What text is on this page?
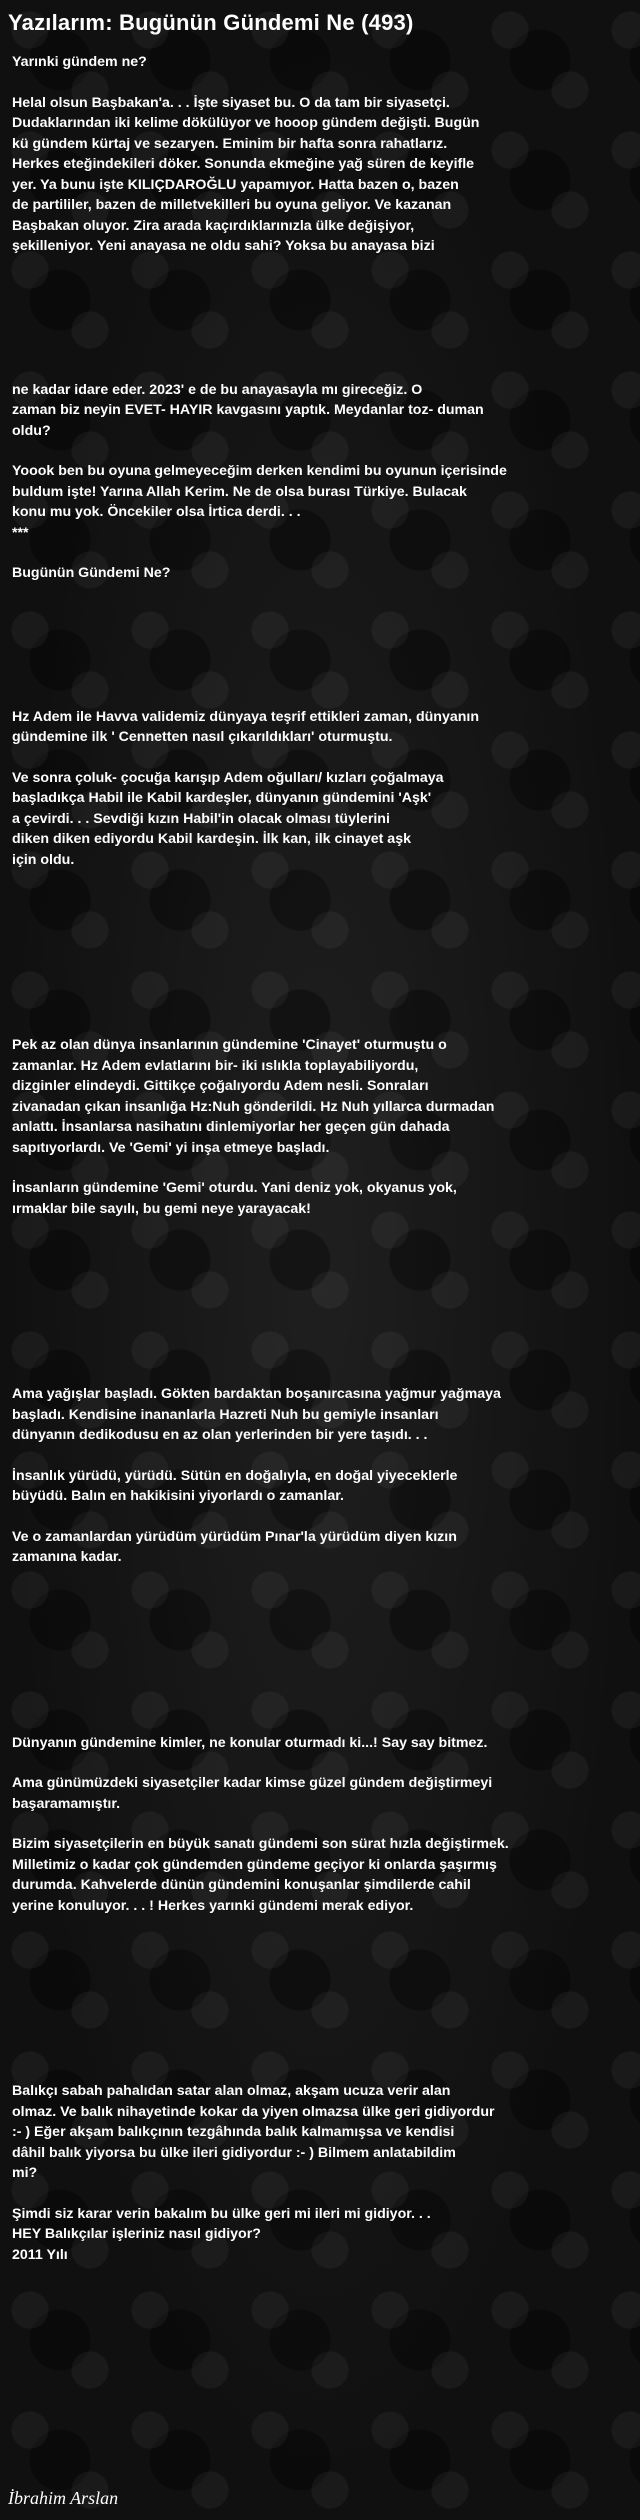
Yazılarım: Bugünün Gündemi Ne (493)

Yarınki gündem ne?

Helal olsun Başbakan'a. . . İşte siyaset bu. O da tam bir siyasetçi.
Dudaklarından iki kelime dökülüyor ve hooop gündem değişti. Bugün
kü gündem kürtaj ve sezaryen. Eminim bir hafta sonra rahatlarız.
Herkes eteğindekileri döker. Sonunda ekmeğine yağ süren de keyifle
yer. Ya bunu işte KILIÇDAROĞLU yapamıyor. Hatta bazen o, bazen
de partililer, bazen de milletvekilleri bu oyuna geliyor. Ve kazanan
Başbakan oluyor. Zira arada kaçırdıklarınızla ülke değişiyor,
şekilleniyor. Yeni anayasa ne oldu sahi? Yoksa bu anayasa bizi

ne kadar idare eder. 2023' e de bu anayasayla mı gireceğiz. O
zaman biz neyin EVET- HAYIR kavgasını yaptık. Meydanlar toz- duman
oldu?

Yoook ben bu oyuna gelmeyeceğim derken kendimi bu oyunun içerisinde
buldum işte! Yarına Allah Kerim. Ne de olsa burası Türkiye. Bulacak
konu mu yok. Öncekiler olsa İrtica derdi. . .
***

Bugünün Gündemi Ne?

Hz Adem ile Havva validemiz dünyaya teşrif ettikleri zaman, dünyanın
gündemine ilk ' Cennetten nasıl çıkarıldıkları' oturmuştu.

Ve sonra çoluk- çocuğa karışıp Adem oğulları/ kızları çoğalmaya
başladıkça Habil ile Kabil kardeşler, dünyanın gündemini 'Aşk'
a çevirdi. . . Sevdiği kızın Habil'in olacak olması tüylerini
diken diken ediyordu Kabil kardeşin. İlk kan, ilk cinayet aşk
için oldu.

Pek az olan dünya insanlarının gündemine 'Cinayet' oturmuştu o
zamanlar. Hz Adem evlatlarını bir- iki ıslıkla toplayabiliyordu,
dizginler elindeydi. Gittikçe çoğalıyordu Adem nesli. Sonraları
zivanadan çıkan insanlığa Hz:Nuh gönderildi. Hz Nuh yıllarca durmadan
anlattı. İnsanlarsa nasihatını dinlemiyorlar her geçen gün dahada
sapıtıyorlardı. Ve 'Gemi' yi inşa etmeye başladı.

İnsanların gündemine 'Gemi' oturdu. Yani deniz yok, okyanus yok,
ırmaklar bile sayılı, bu gemi neye yarayacak!

Ama yağışlar başladı. Gökten bardaktan boşanırcasına yağmur yağmaya
başladı. Kendisine inananlarla Hazreti Nuh bu gemiyle insanları
dünyanın dedikodusu en az olan yerlerinden bir yere taşıdı. . .

İnsanlık yürüdü, yürüdü. Sütün en doğalıyla, en doğal yiyeceklerle
büyüdü. Balın en hakikisini yiyorlardı o zamanlar.

Ve o zamanlardan yürüdüm yürüdüm Pınar'la yürüdüm diyen kızın
zamanına kadar.

Dünyanın gündemine kimler, ne konular oturmadı ki...! Say say bitmez.

Ama günümüzdeki siyasetçiler kadar kimse güzel gündem değiştirmeyi
başaramamıştır.

Bizim siyasetçilerin en büyük sanatı gündemi son sürat hızla değiştirmek.
Milletimiz o kadar çok gündemden gündeme geçiyor ki onlarda şaşırmış
durumda. Kahvelerde dünün gündemini konuşanlar şimdilerde cahil
yerine konuluyor. . . ! Herkes yarınki gündemi merak ediyor.

Balıkçı sabah pahalıdan satar alan olmaz, akşam ucuza verir alan
olmaz. Ve balık nihayetinde kokar da yiyen olmazsa ülke geri gidiyordur
:- ) Eğer akşam balıkçının tezgâhında balık kalmamışsa ve kendisi
dâhil balık yiyorsa bu ülke ileri gidiyordur :- ) Bilmem anlatabildim
mi?

Şimdi siz karar verin bakalım bu ülke geri mi ileri mi gidiyor. . .
HEY Balıkçılar işleriniz nasıl gidiyor?
2011 Yılı

İbrahim Arslan
